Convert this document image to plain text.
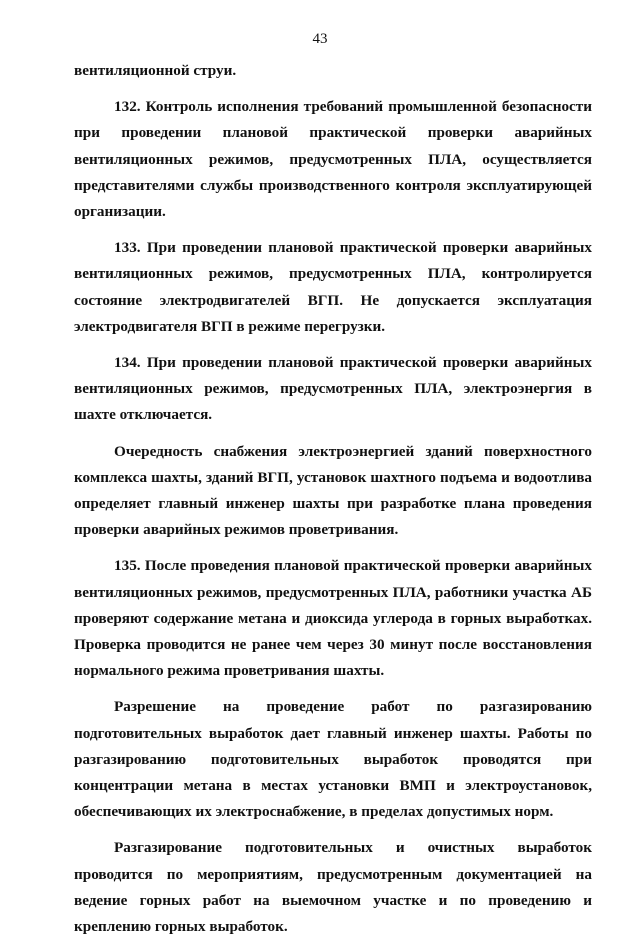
43

вентиляционной струи.

132. Контроль исполнения требований промышленной безопасности при проведении плановой практической проверки аварийных вентиляционных режимов, предусмотренных ПЛА, осуществляется представителями службы производственного контроля эксплуатирующей организации.

133. При проведении плановой практической проверки аварийных вентиляционных режимов, предусмотренных ПЛА, контролируется состояние электродвигателей ВГП. Не допускается эксплуатация электродвигателя ВГП в режиме перегрузки.

134. При проведении плановой практической проверки аварийных вентиляционных режимов, предусмотренных ПЛА, электроэнергия в шахте отключается.

Очередность снабжения электроэнергией зданий поверхностного комплекса шахты, зданий ВГП, установок шахтного подъема и водоотлива определяет главный инженер шахты при разработке плана проведения проверки аварийных режимов проветривания.

135. После проведения плановой практической проверки аварийных вентиляционных режимов, предусмотренных ПЛА, работники участка АБ проверяют содержание метана и диоксида углерода в горных выработках. Проверка проводится не ранее чем через 30 минут после восстановления нормального режима проветривания шахты.

Разрешение на проведение работ по разгазированию подготовительных выработок дает главный инженер шахты. Работы по разгазированию подготовительных выработок проводятся при концентрации метана в местах установки ВМП и электроустановок, обеспечивающих их электроснабжение, в пределах допустимых норм.

Разгазирование подготовительных и очистных выработок проводится по мероприятиям, предусмотренным документацией на ведение горных работ на выемочном участке и по проведению и креплению горных выработок.
